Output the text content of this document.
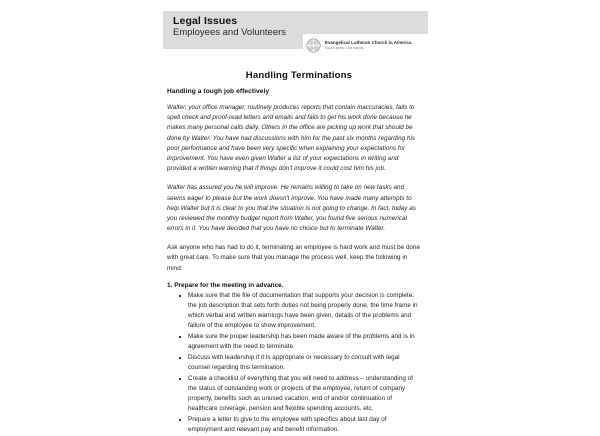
Legal Issues
Employees and Volunteers
Evangelical Lutheran Church in America
God's work. Our hands.
Handling Terminations
Handling a tough job effectively

Walter, your office manager, routinely produces reports that contain inaccuracies, fails to spell check and proof-read letters and emails and fails to get his work done because he makes many personal calls daily. Others in the office are picking up work that should be done by Walter. You have had discussions with him for the past six months regarding his poor performance and have been very specific when explaining your expectations for improvement. You have even given Walter a list of your expectations in writing and provided a written warning that if things don't improve it could cost him his job.

Walter has assured you he will improve. He remains willing to take on new tasks and seems eager to please but the work doesn't improve. You have made many attempts to help Walter but it is clear to you that the situation is not going to change. In fact, today as you reviewed the monthly budget report from Walter, you found five serious numerical errors in it. You have decided that you have no choice but to terminate Walter.

Ask anyone who has had to do it, terminating an employee is hard work and must be done with great care. To make sure that you manage the process well, keep the following in mind:

1. Prepare for the meeting in advance.

Make sure that the file of documentation that supports your decision is complete: the job description that sets forth duties not being properly done, the time frame in which verbal and written warnings have been given, details of the problems and failure of the employee to show improvement.
Make sure the proper leadership has been made aware of the problems and is in agreement with the need to terminate.
Discuss with leadership if it is appropriate or necessary to consult with legal counsel regarding this termination.
Create a checklist of everything that you will need to address – understanding of the status of outstanding work or projects of the employee, return of company property, benefits such as unused vacation, end of and/or continuation of healthcare coverage, pension and flexible spending accounts, etc.
Prepare a letter to give to the employee with specifics about last day of employment and relevant pay and benefit information.
